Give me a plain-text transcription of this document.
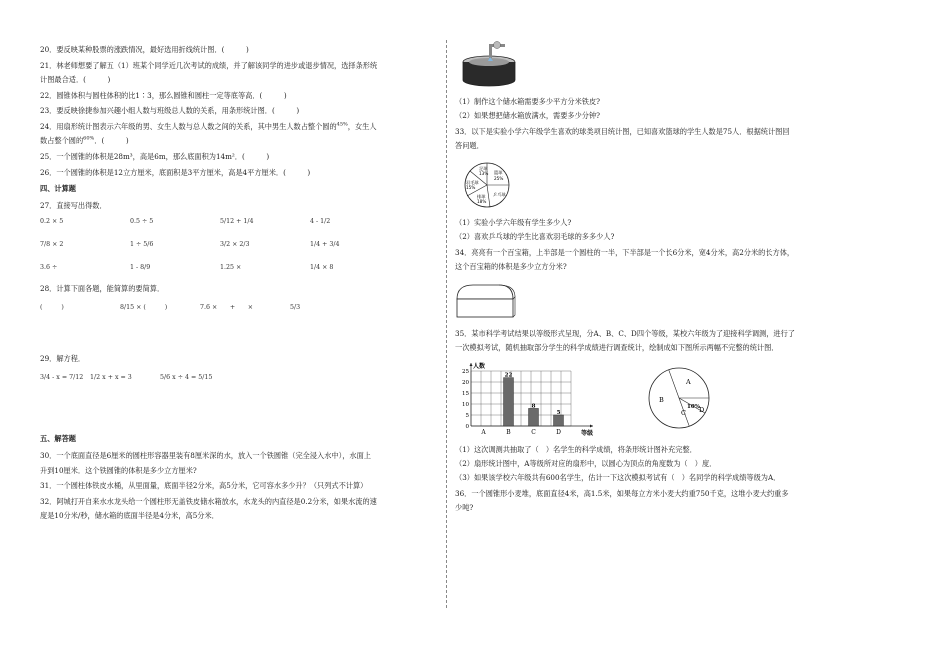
20．要反映某种股票的涨跌情况，最好选用折线统计图．(　　　)

21．林老师想要了解五（1）班某个同学近几次考试的成绩，并了解该同学的进步或退步情况，选择条形统

计图最合适．(　　　)

22．圆锥体积与圆柱体积的比1∶3，那么圆锥和圆柱一定等底等高．(　　　)

23．要反映徐捷参加兴趣小组人数与班级总人数的关系，用条形统计图．(　　　)

24．用扇形统计图表示六年级的男、女生人数与总人数之间的关系，其中男生人数占整个圆的$^{45\%}$，女生人

数占整个圆的$^{60\%}$．(　　　)

25．一个圆锥的体积是28m³，高是6m，那么底面积为14m²．(　　　)

26．一个圆锥的体积是12立方厘米，底面积是3平方厘米，高是4平方厘米．(　　　)

四、计算题

27．直接写出得数．

0.2 × 5	0.5 ÷ 5	5/12 + 1/4	4 - 1/2
7/8 × 2	1 ÷ 5/6	3/2 × 2/3	1/4 + 3/4
3.6 ÷	1 - 8/9	1.25 ×	1/4 × 8

28．计算下面各题，能简算的要简算．

(　　　)	8/15 × (　　　)	7.6 ×　　+　　×	5/3

29．解方程．

3/4 - x = 7/12	1/2 x + x = 3	5/6 x ÷ 4 = 5/15
五、解答题

30．一个底面直径是6厘米的圆柱形容器里装有8厘米深的水，放入一个铁圆锥（完全浸入水中），水面上

升到10厘米．这个铁圆锥的体积是多少立方厘米?

31．一个圆柱体铁皮水桶，从里面量，底面半径2分米，高5分米，它可容水多少升？（只列式不计算）

32．阿城打开自来水水龙头给一个圆柱形无盖铁皮储水箱放水，水龙头的内直径是0.2分米，如果水流的速

度是10分米/秒，储水箱的底面半径是4分米，高5分米．

（1）制作这个储水箱需要多少平方分米铁皮?

（2）如果想把储水箱放满水，需要多少分钟?

33．以下是实验小学六年级学生喜欢的球类项目统计图，已知喜欢篮球的学生人数是75人．根据统计图回

答问题．

足球
13% 篮球
25%
羽毛球
15%
排球
18%
乒乓球

（1）实验小学六年级有学生多少人?

（2）喜欢乒乓球的学生比喜欢羽毛球的多多少人?

34．亮亮有一个百宝箱，上半部是一个圆柱的一半，下半部是一个长6分米，宽4分米，高2分米的长方体，

这个百宝箱的体积是多少立方分米?

35．某市科学考试结果以等级形式呈现，分A、B、C、D四个等级，某校六年级为了迎接科学调测，进行了

一次模拟考试，随机抽取部分学生的科学成绩进行调查统计，绘制成如下图所示两幅不完整的统计图．

0
5
10
15
20
25
人数
等级
A
22
B
8
C
5
D
A
B
C D
10%

（1）这次调测共抽取了（　）名学生的科学成绩，将条形统计图补充完整．

（2）扇形统计图中，A等级所对应的扇形中，以圆心为顶点的角度数为（　）度．

（3）如果该学校六年级共有600名学生，估计一下这次模拟考试有（　）名同学的科学成绩等级为A．

36．一个圆锥形小麦堆，底面直径4米，高1.5米，如果每立方米小麦大约重750千克，这堆小麦大约重多

少吨?
